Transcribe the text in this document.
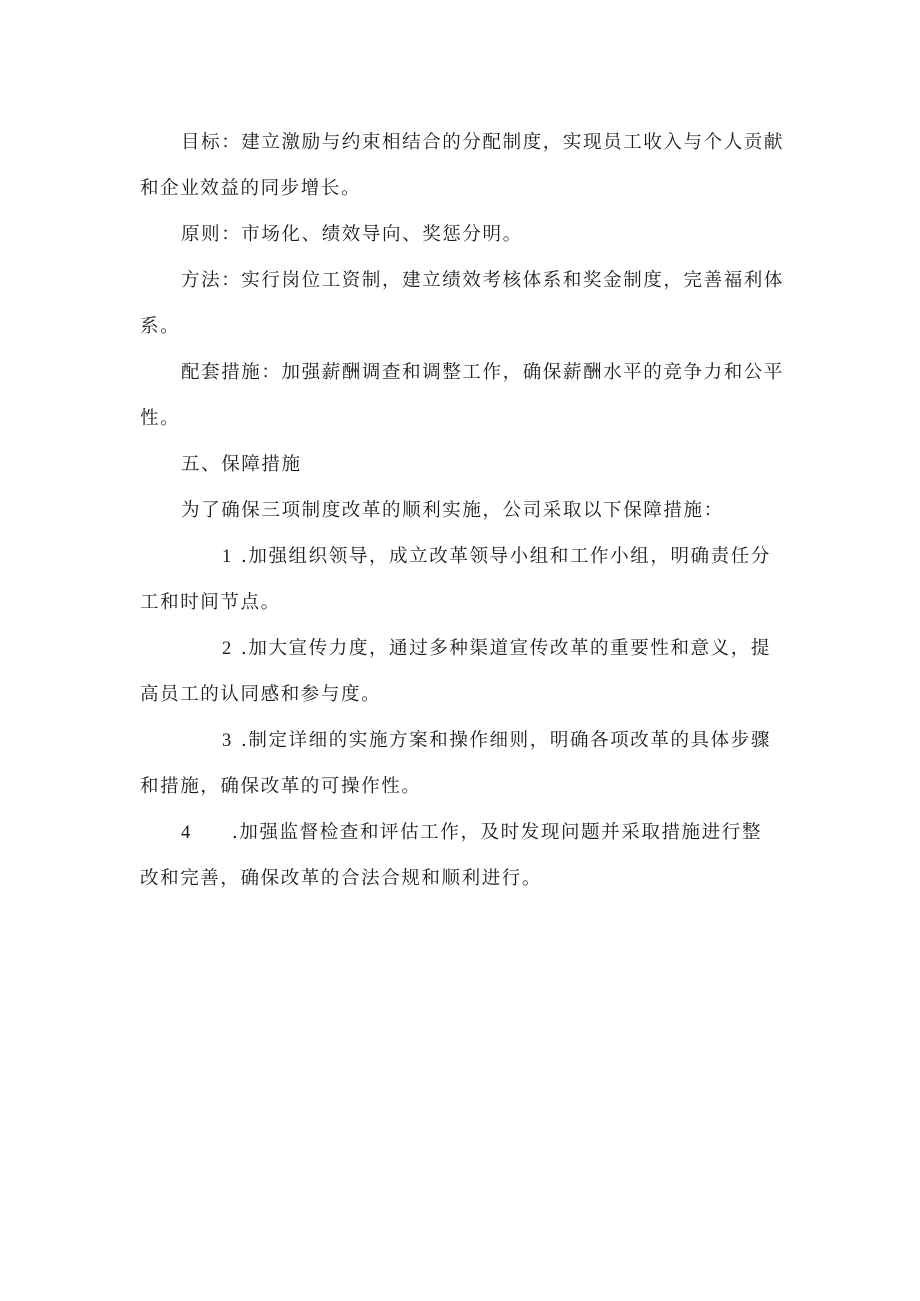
目标：建立激励与约束相结合的分配制度，实现员工收入与个人贡献和企业效益的同步增长。

原则：市场化、绩效导向、奖惩分明。

方法：实行岗位工资制，建立绩效考核体系和奖金制度，完善福利体系。

配套措施：加强薪酬调查和调整工作，确保薪酬水平的竞争力和公平性。

五、保障措施

为了确保三项制度改革的顺利实施，公司采取以下保障措施：

1 .加强组织领导，成立改革领导小组和工作小组，明确责任分工和时间节点。

2 .加大宣传力度，通过多种渠道宣传改革的重要性和意义，提高员工的认同感和参与度。

3 .制定详细的实施方案和操作细则，明确各项改革的具体步骤和措施，确保改革的可操作性。

4 .加强监督检查和评估工作，及时发现问题并采取措施进行整
改和完善，确保改革的合法合规和顺利进行。
